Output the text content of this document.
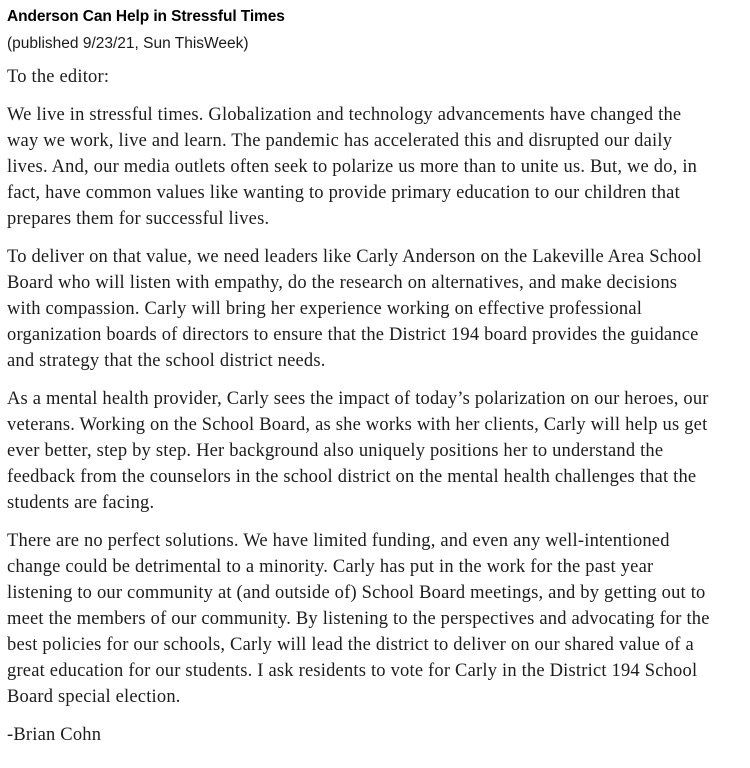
Anderson Can Help in Stressful Times
(published 9/23/21, Sun ThisWeek)
To the editor:

We live in stressful times. Globalization and technology advancements have changed the
way we work, live and learn. The pandemic has accelerated this and disrupted our daily
lives. And, our media outlets often seek to polarize us more than to unite us. But, we do, in
fact, have common values like wanting to provide primary education to our children that
prepares them for successful lives.

To deliver on that value, we need leaders like Carly Anderson on the Lakeville Area School
Board who will listen with empathy, do the research on alternatives, and make decisions
with compassion. Carly will bring her experience working on effective professional
organization boards of directors to ensure that the District 194 board provides the guidance
and strategy that the school district needs.

As a mental health provider, Carly sees the impact of today’s polarization on our heroes, our
veterans. Working on the School Board, as she works with her clients, Carly will help us get
ever better, step by step. Her background also uniquely positions her to understand the
feedback from the counselors in the school district on the mental health challenges that the
students are facing.

There are no perfect solutions. We have limited funding, and even any well-intentioned
change could be detrimental to a minority. Carly has put in the work for the past year
listening to our community at (and outside of) School Board meetings, and by getting out to
meet the members of our community. By listening to the perspectives and advocating for the
best policies for our schools, Carly will lead the district to deliver on our shared value of a
great education for our students. I ask residents to vote for Carly in the District 194 School
Board special election.

-Brian Cohn
